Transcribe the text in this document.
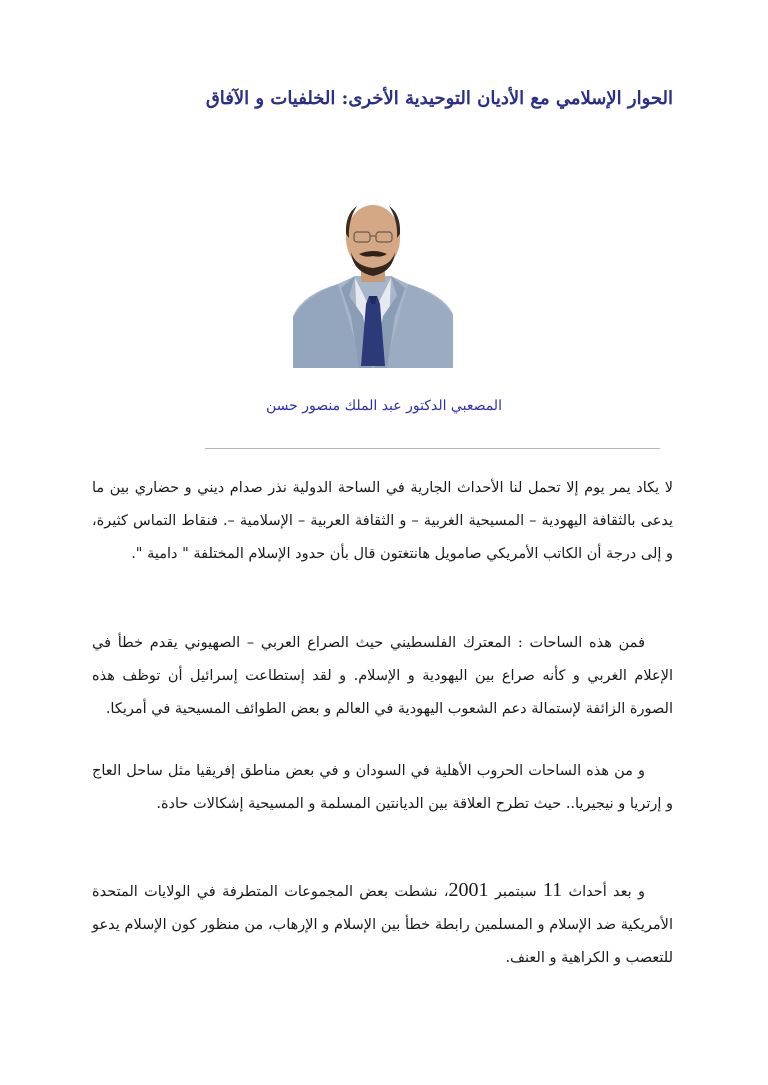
الحوار الإسلامي مع الأديان التوحيدية الأخرى: الخلفيات و الآفاق
المصعبي الدكتور عبد الملك منصور حسن

لا يكاد يمر يوم إلا تحمل لنا الأحداث الجارية في الساحة الدولية نذر صدام ديني و حضاري بين ما يدعى بالثقافة اليهودية – المسيحية الغربية – و الثقافة العربية – الإسلامية –. فنقاط التماس كثيرة، و إلى درجة أن الكاتب الأمريكي صامويل هانتغتون قال بأن حدود الإسلام المختلفة " دامية ".

فمن هذه الساحات : المعترك الفلسطيني حيث الصراع العربي – الصهيوني يقدم خطأ في الإعلام الغربي و كأنه صراع بين اليهودية و الإسلام. و لقد إستطاعت إسرائيل أن توظف هذه الصورة الزائفة لإستمالة دعم الشعوب اليهودية في العالم و بعض الطوائف المسيحية في أمريكا.

و من هذه الساحات الحروب الأهلية في السودان و في بعض مناطق إفريقيا مثل ساحل العاج و إرتريا و نيجيريا.. حيث تطرح العلاقة بين الديانتين المسلمة و المسيحية إشكالات حادة.

و بعد أحداث 11 سبتمبر 2001، نشطت بعض المجموعات المتطرفة في الولايات المتحدة الأمريكية ضد الإسلام و المسلمين رابطة خطأ بين الإسلام و الإرهاب، من منظور كون الإسلام يدعو للتعصب و الكراهية و العنف.
